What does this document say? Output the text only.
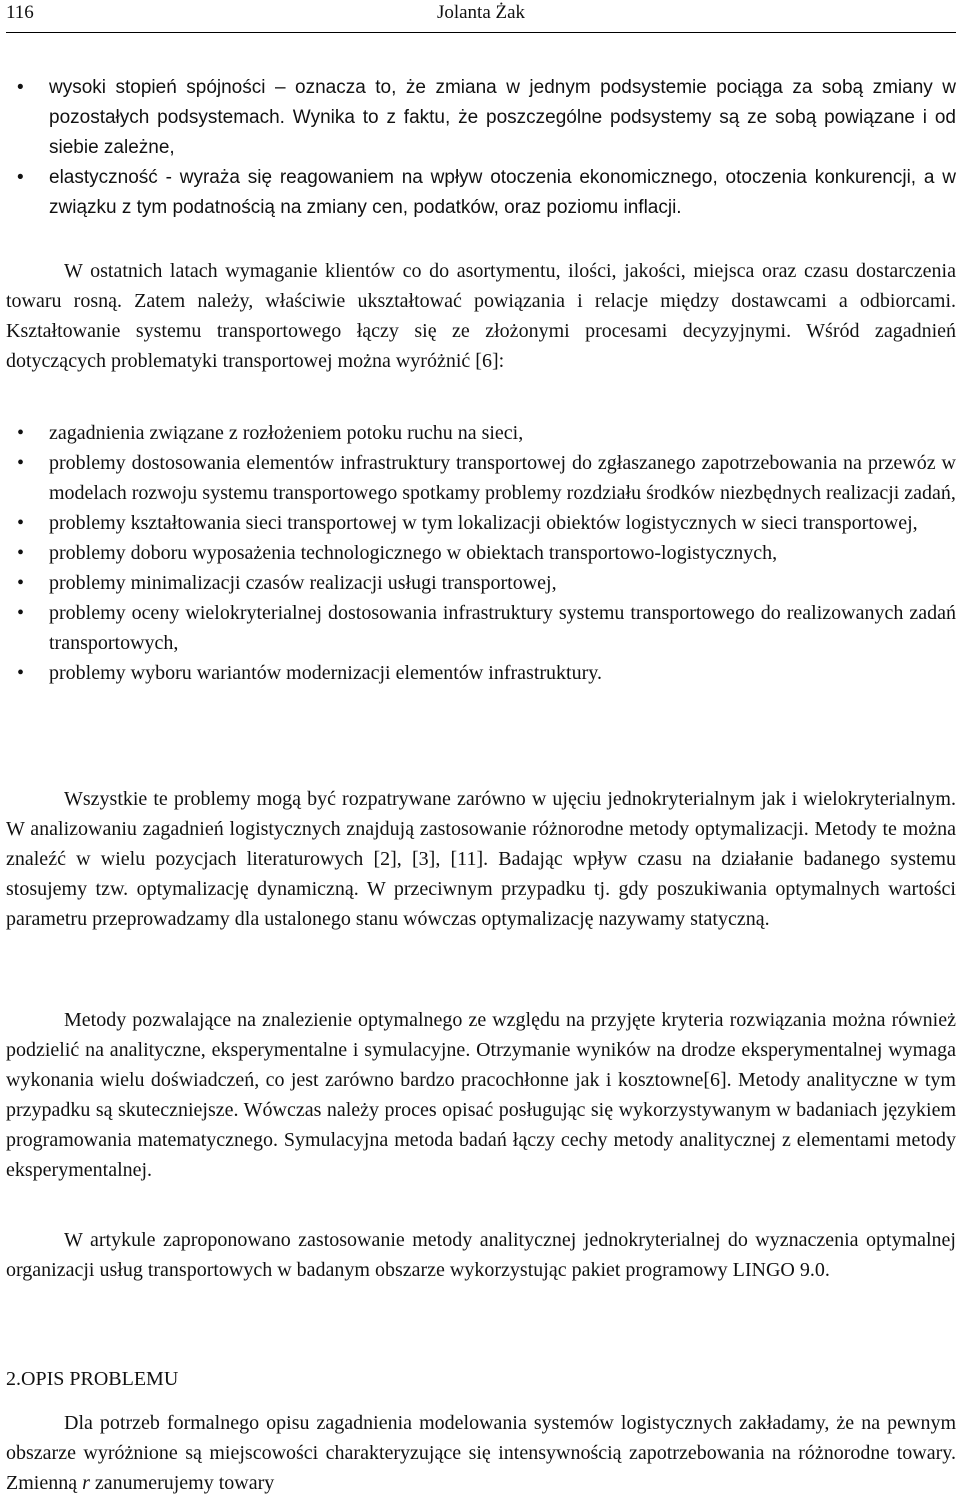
116	Jolanta Żak

• wysoki stopień spójności – oznacza to, że zmiana w jednym podsystemie pociąga za sobą zmiany w pozostałych podsystemach. Wynika to z faktu, że poszczególne podsystemy są ze sobą powiązane i od siebie zależne,

• elastyczność - wyraża się reagowaniem na wpływ otoczenia ekonomicznego, otoczenia konkurencji, a w związku z tym podatnością na zmiany cen, podatków, oraz poziomu inflacji.

W ostatnich latach wymaganie klientów co do asortymentu, ilości, jakości, miejsca oraz czasu dostarczenia towaru rosną. Zatem należy, właściwie ukształtować powiązania i relacje między dostawcami a odbiorcami. Kształtowanie systemu transportowego łączy się ze złożonymi procesami decyzyjnymi. Wśród zagadnień dotyczących problematyki transportowej można wyróżnić [6]:

• zagadnienia związane z rozłożeniem potoku ruchu na sieci,

• problemy dostosowania elementów infrastruktury transportowej do zgłaszanego zapotrzebowania na przewóz w modelach rozwoju systemu transportowego spotkamy problemy rozdziału środków niezbędnych realizacji zadań,

• problemy kształtowania sieci transportowej w tym lokalizacji obiektów logistycznych w sieci transportowej,

• problemy doboru wyposażenia technologicznego w obiektach transportowo-logistycznych,

• problemy minimalizacji czasów realizacji usługi transportowej,

• problemy oceny wielokryterialnej dostosowania infrastruktury systemu transportowego do realizowanych zadań transportowych,

• problemy wyboru wariantów modernizacji elementów infrastruktury.

Wszystkie te problemy mogą być rozpatrywane zarówno w ujęciu jednokryterialnym jak i wielokryterialnym. W analizowaniu zagadnień logistycznych znajdują zastosowanie różnorodne metody optymalizacji. Metody te można znaleźć w wielu pozycjach literaturowych [2], [3], [11]. Badając wpływ czasu na działanie badanego systemu stosujemy tzw. optymalizację dynamiczną. W przeciwnym przypadku tj. gdy poszukiwania optymalnych wartości parametru przeprowadzamy dla ustalonego stanu wówczas optymalizację nazywamy statyczną.

Metody pozwalające na znalezienie optymalnego ze względu na przyjęte kryteria rozwiązania można również podzielić na analityczne, eksperymentalne i symulacyjne. Otrzymanie wyników na drodze eksperymentalnej wymaga wykonania wielu doświadczeń, co jest zarówno bardzo pracochłonne jak i kosztowne[6]. Metody analityczne w tym przypadku są skuteczniejsze. Wówczas należy proces opisać posługując się wykorzystywanym w badaniach językiem programowania matematycznego. Symulacyjna metoda badań łączy cechy metody analitycznej z elementami metody eksperymentalnej.

W artykule zaproponowano zastosowanie metody analitycznej jednokryterialnej do wyznaczenia optymalnej organizacji usług transportowych w badanym obszarze wykorzystując pakiet programowy LINGO 9.0.

2.OPIS PROBLEMU

Dla potrzeb formalnego opisu zagadnienia modelowania systemów logistycznych zakładamy, że na pewnym obszarze wyróżnione są miejscowości charakteryzujące się intensywnością zapotrzebowania na różnorodne towary. Zmienną r zanumerujemy towary
